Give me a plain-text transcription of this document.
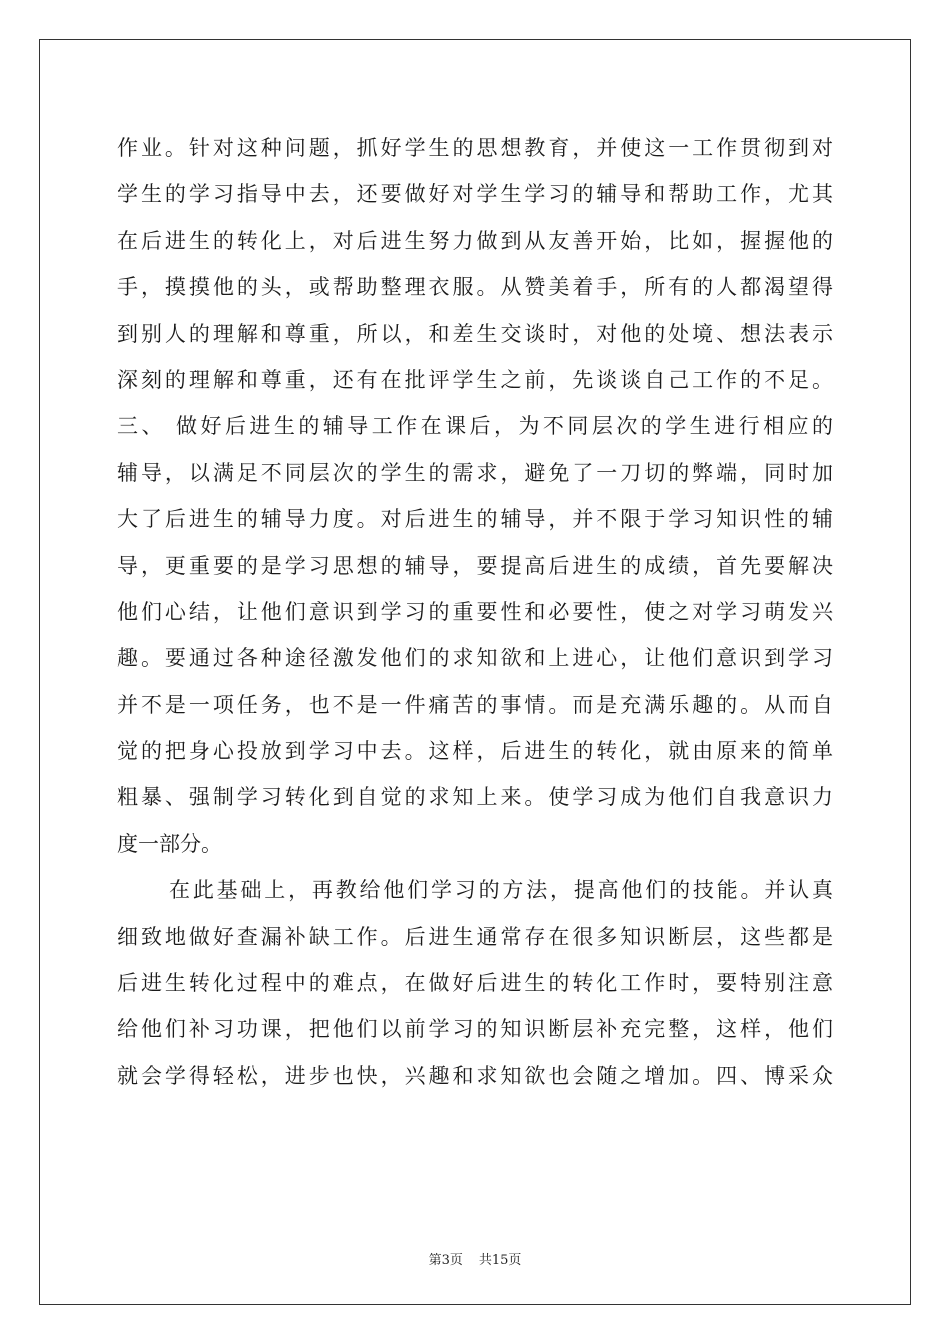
作业。针对这种问题，抓好学生的思想教育，并使这一工作贯彻到对
学生的学习指导中去，还要做好对学生学习的辅导和帮助工作，尤其
在后进生的转化上，对后进生努力做到从友善开始，比如，握握他的
手，摸摸他的头，或帮助整理衣服。从赞美着手，所有的人都渴望得
到别人的理解和尊重，所以，和差生交谈时，对他的处境、想法表示
深刻的理解和尊重，还有在批评学生之前，先谈谈自己工作的不足。
三、 做好后进生的辅导工作在课后，为不同层次的学生进行相应的
辅导，以满足不同层次的学生的需求，避免了一刀切的弊端，同时加
大了后进生的辅导力度。对后进生的辅导，并不限于学习知识性的辅
导，更重要的是学习思想的辅导，要提高后进生的成绩，首先要解决
他们心结，让他们意识到学习的重要性和必要性，使之对学习萌发兴
趣。要通过各种途径激发他们的求知欲和上进心，让他们意识到学习
并不是一项任务，也不是一件痛苦的事情。而是充满乐趣的。从而自
觉的把身心投放到学习中去。这样，后进生的转化，就由原来的简单
粗暴、强制学习转化到自觉的求知上来。使学习成为他们自我意识力
度一部分。
在此基础上，再教给他们学习的方法，提高他们的技能。并认真
细致地做好查漏补缺工作。后进生通常存在很多知识断层，这些都是
后进生转化过程中的难点，在做好后进生的转化工作时，要特别注意
给他们补习功课，把他们以前学习的知识断层补充完整，这样，他们
就会学得轻松，进步也快，兴趣和求知欲也会随之增加。四、博采众
第3页 共15页
